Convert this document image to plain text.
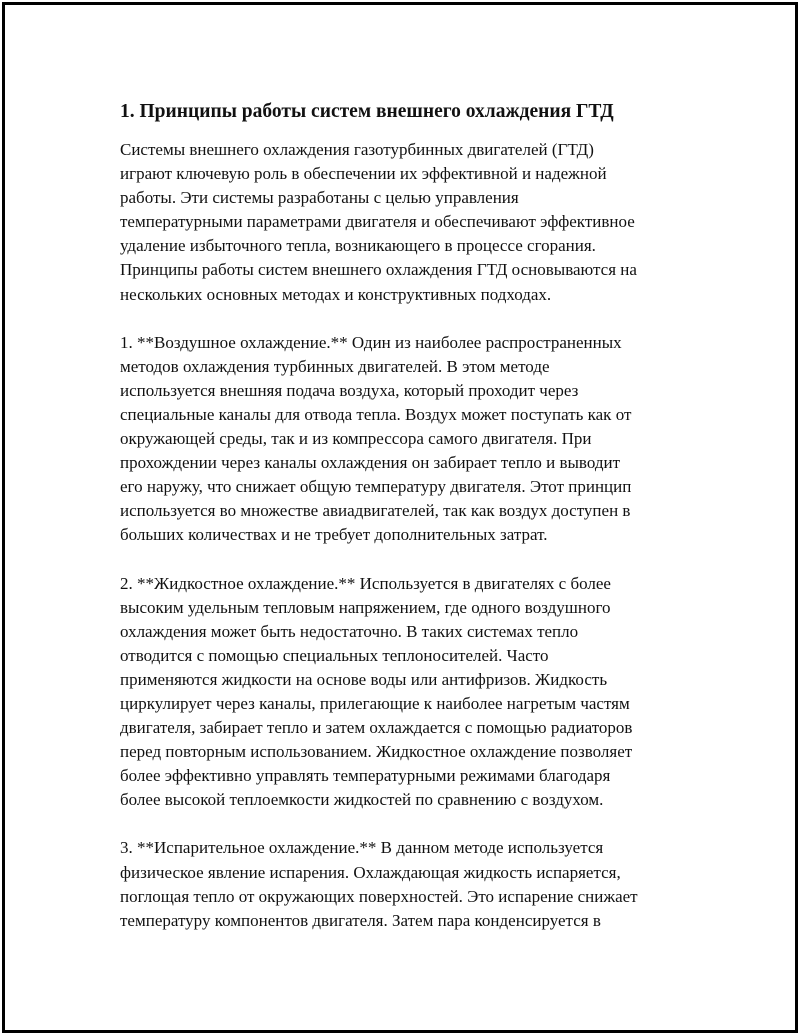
1. Принципы работы систем внешнего охлаждения ГТД

Системы внешнего охлаждения газотурбинных двигателей (ГТД)
играют ключевую роль в обеспечении их эффективной и надежной
работы. Эти системы разработаны с целью управления
температурными параметрами двигателя и обеспечивают эффективное
удаление избыточного тепла, возникающего в процессе сгорания.
Принципы работы систем внешнего охлаждения ГТД основываются на
нескольких основных методах и конструктивных подходах.

1. **Воздушное охлаждение.** Один из наиболее распространенных
методов охлаждения турбинных двигателей. В этом методе
используется внешняя подача воздуха, который проходит через
специальные каналы для отвода тепла. Воздух может поступать как от
окружающей среды, так и из компрессора самого двигателя. При
прохождении через каналы охлаждения он забирает тепло и выводит
его наружу, что снижает общую температуру двигателя. Этот принцип
используется во множестве авиадвигателей, так как воздух доступен в
больших количествах и не требует дополнительных затрат.

2. **Жидкостное охлаждение.** Используется в двигателях с более
высоким удельным тепловым напряжением, где одного воздушного
охлаждения может быть недостаточно. В таких системах тепло
отводится с помощью специальных теплоносителей. Часто
применяются жидкости на основе воды или антифризов. Жидкость
циркулирует через каналы, прилегающие к наиболее нагретым частям
двигателя, забирает тепло и затем охлаждается с помощью радиаторов
перед повторным использованием. Жидкостное охлаждение позволяет
более эффективно управлять температурными режимами благодаря
более высокой теплоемкости жидкостей по сравнению с воздухом.

3. **Испарительное охлаждение.** В данном методе используется
физическое явление испарения. Охлаждающая жидкость испаряется,
поглощая тепло от окружающих поверхностей. Это испарение снижает
температуру компонентов двигателя. Затем пара конденсируется в
